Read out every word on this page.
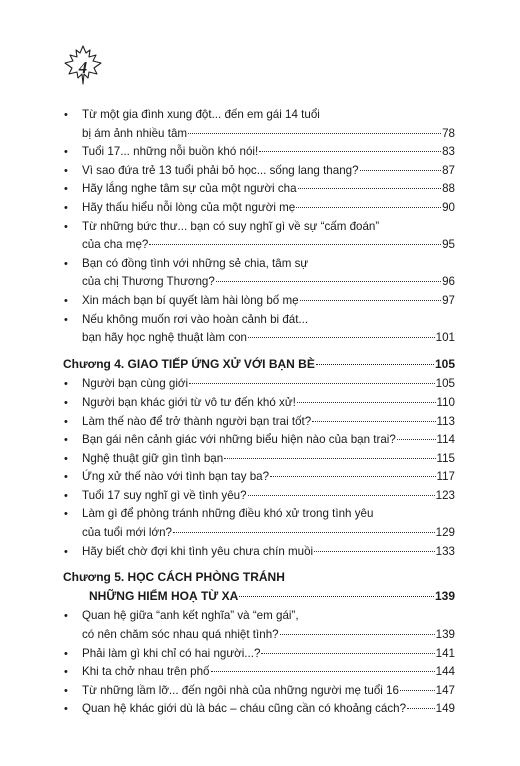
4
• Từ một gia đình xung đột... đến em gái 14 tuổi
bị ám ảnh nhiều tâm	78
• Tuổi 17... những nỗi buồn khó nói!	83
• Vì sao đứa trẻ 13 tuổi phải bỏ học... sống lang thang?	87
• Hãy lắng nghe tâm sự của một người cha	88
• Hãy thấu hiểu nỗi lòng của một người mẹ	90
• Từ những bức thư... bạn có suy nghĩ gì về sự “cấm đoán”
của cha mẹ?	95
• Bạn có đồng tình với những sẻ chia, tâm sự
của chị Thương Thương?	96
• Xin mách bạn bí quyết làm hài lòng bố mẹ	97
• Nếu không muốn rơi vào hoàn cảnh bi đát...
bạn hãy học nghệ thuật làm con	101
Chương 4. GIAO TIẾP ỨNG XỬ VỚI BẠN BÈ	105
• Người bạn cùng giới	105
• Người bạn khác giới từ vô tư đến khó xử!	110
• Làm thế nào để trở thành người bạn trai tốt?	113
• Bạn gái nên cảnh giác với những biểu hiện nào của bạn trai?	114
• Nghệ thuật giữ gìn tình bạn	115
• Ứng xử thế nào với tình bạn tay ba?	117
• Tuổi 17 suy nghĩ gì về tình yêu?	123
• Làm gì để phòng tránh những điều khó xử trong tình yêu
của tuổi mới lớn?	129
• Hãy biết chờ đợi khi tình yêu chưa chín muồi	133
Chương 5. HỌC CÁCH PHÒNG TRÁNH
NHỮNG HIỂM HOẠ TỪ XA	139
• Quan hệ giữa “anh kết nghĩa” và “em gái”,
có nên chăm sóc nhau quá nhiệt tình?	139
• Phải làm gì khi chỉ có hai người...?	141
• Khi ta chở nhau trên phố	144
• Từ những lầm lỡ... đến ngôi nhà của những người mẹ tuổi 16	147
• Quan hệ khác giới dù là bác – cháu cũng cần có khoảng cách?	149
